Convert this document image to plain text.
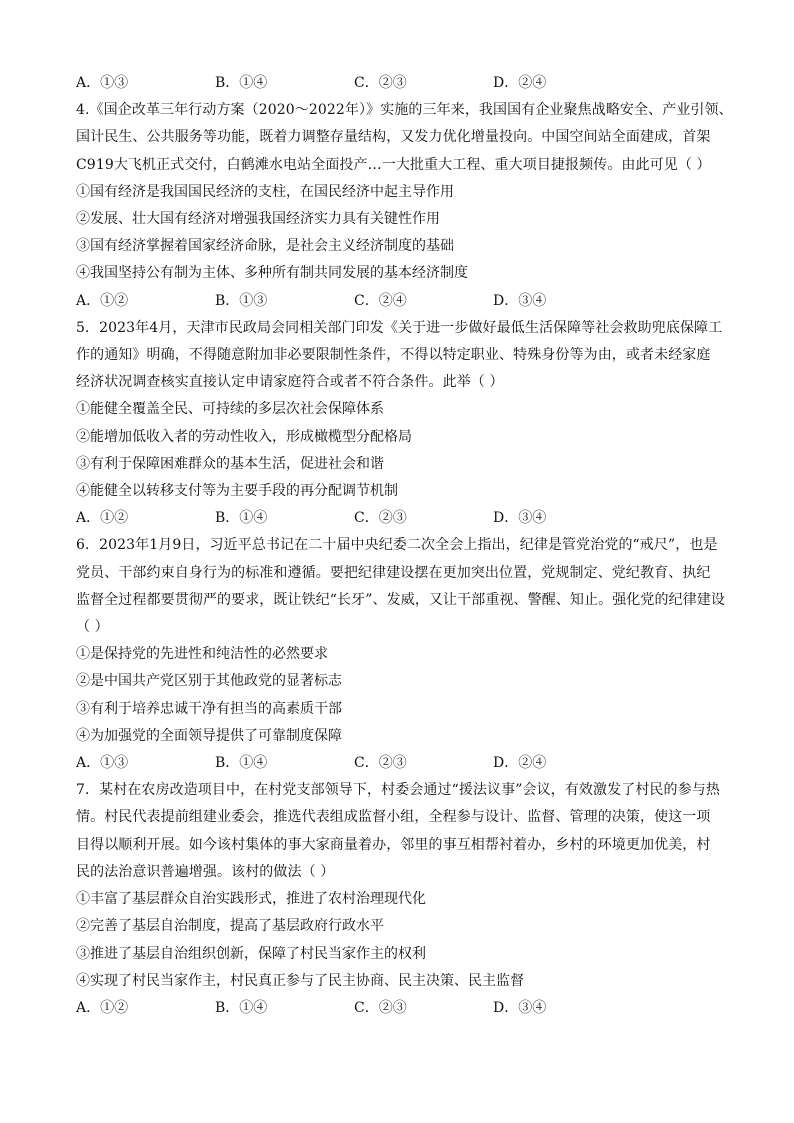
A．①③	B．①④	C．②③	D．②④
4.《国企改革三年行动方案（2020～2022年）》实施的三年来，我国国有企业聚焦战略安全、产业引领、
国计民生、公共服务等功能，既着力调整存量结构，又发力优化增量投向。中国空间站全面建成，首架
C919大飞机正式交付，白鹤滩水电站全面投产…一大批重大工程、重大项目捷报频传。由此可见（ ）
①国有经济是我国国民经济的支柱，在国民经济中起主导作用
②发展、壮大国有经济对增强我国经济实力具有关键性作用
③国有经济掌握着国家经济命脉，是社会主义经济制度的基础
④我国坚持公有制为主体、多种所有制共同发展的基本经济制度
A．①②	B．①③	C．②④	D．③④
5．2023年4月，天津市民政局会同相关部门印发《关于进一步做好最低生活保障等社会救助兜底保障工
作的通知》明确，不得随意附加非必要限制性条件，不得以特定职业、特殊身份等为由，或者未经家庭
经济状况调查核实直接认定申请家庭符合或者不符合条件。此举（ ）
①能健全覆盖全民、可持续的多层次社会保障体系
②能增加低收入者的劳动性收入，形成橄榄型分配格局
③有利于保障困难群众的基本生活，促进社会和谐
④能健全以转移支付等为主要手段的再分配调节机制
A．①②	B．①④	C．②③	D．③④
6．2023年1月9日，习近平总书记在二十届中央纪委二次全会上指出，纪律是管党治党的“戒尺”，也是
党员、干部约束自身行为的标准和遵循。要把纪律建设摆在更加突出位置，党规制定、党纪教育、执纪
监督全过程都要贯彻严的要求，既让铁纪“长牙”、发威，又让干部重视、警醒、知止。强化党的纪律建设
（ ）
①是保持党的先进性和纯洁性的必然要求
②是中国共产党区别于其他政党的显著标志
③有利于培养忠诚干净有担当的高素质干部
④为加强党的全面领导提供了可靠制度保障
A．①③	B．①④	C．②③	D．②④
7．某村在农房改造项目中，在村党支部领导下，村委会通过“援法议事”会议，有效激发了村民的参与热
情。村民代表提前组建业委会，推选代表组成监督小组，全程参与设计、监督、管理的决策，使这一项
目得以顺利开展。如今该村集体的事大家商量着办，邻里的事互相帮衬着办，乡村的环境更加优美，村
民的法治意识普遍增强。该村的做法（ ）
①丰富了基层群众自治实践形式，推进了农村治理现代化
②完善了基层自治制度，提高了基层政府行政水平
③推进了基层自治组织创新，保障了村民当家作主的权利
④实现了村民当家作主，村民真正参与了民主协商、民主决策、民主监督
A．①②	B．①④	C．②③	D．③④
